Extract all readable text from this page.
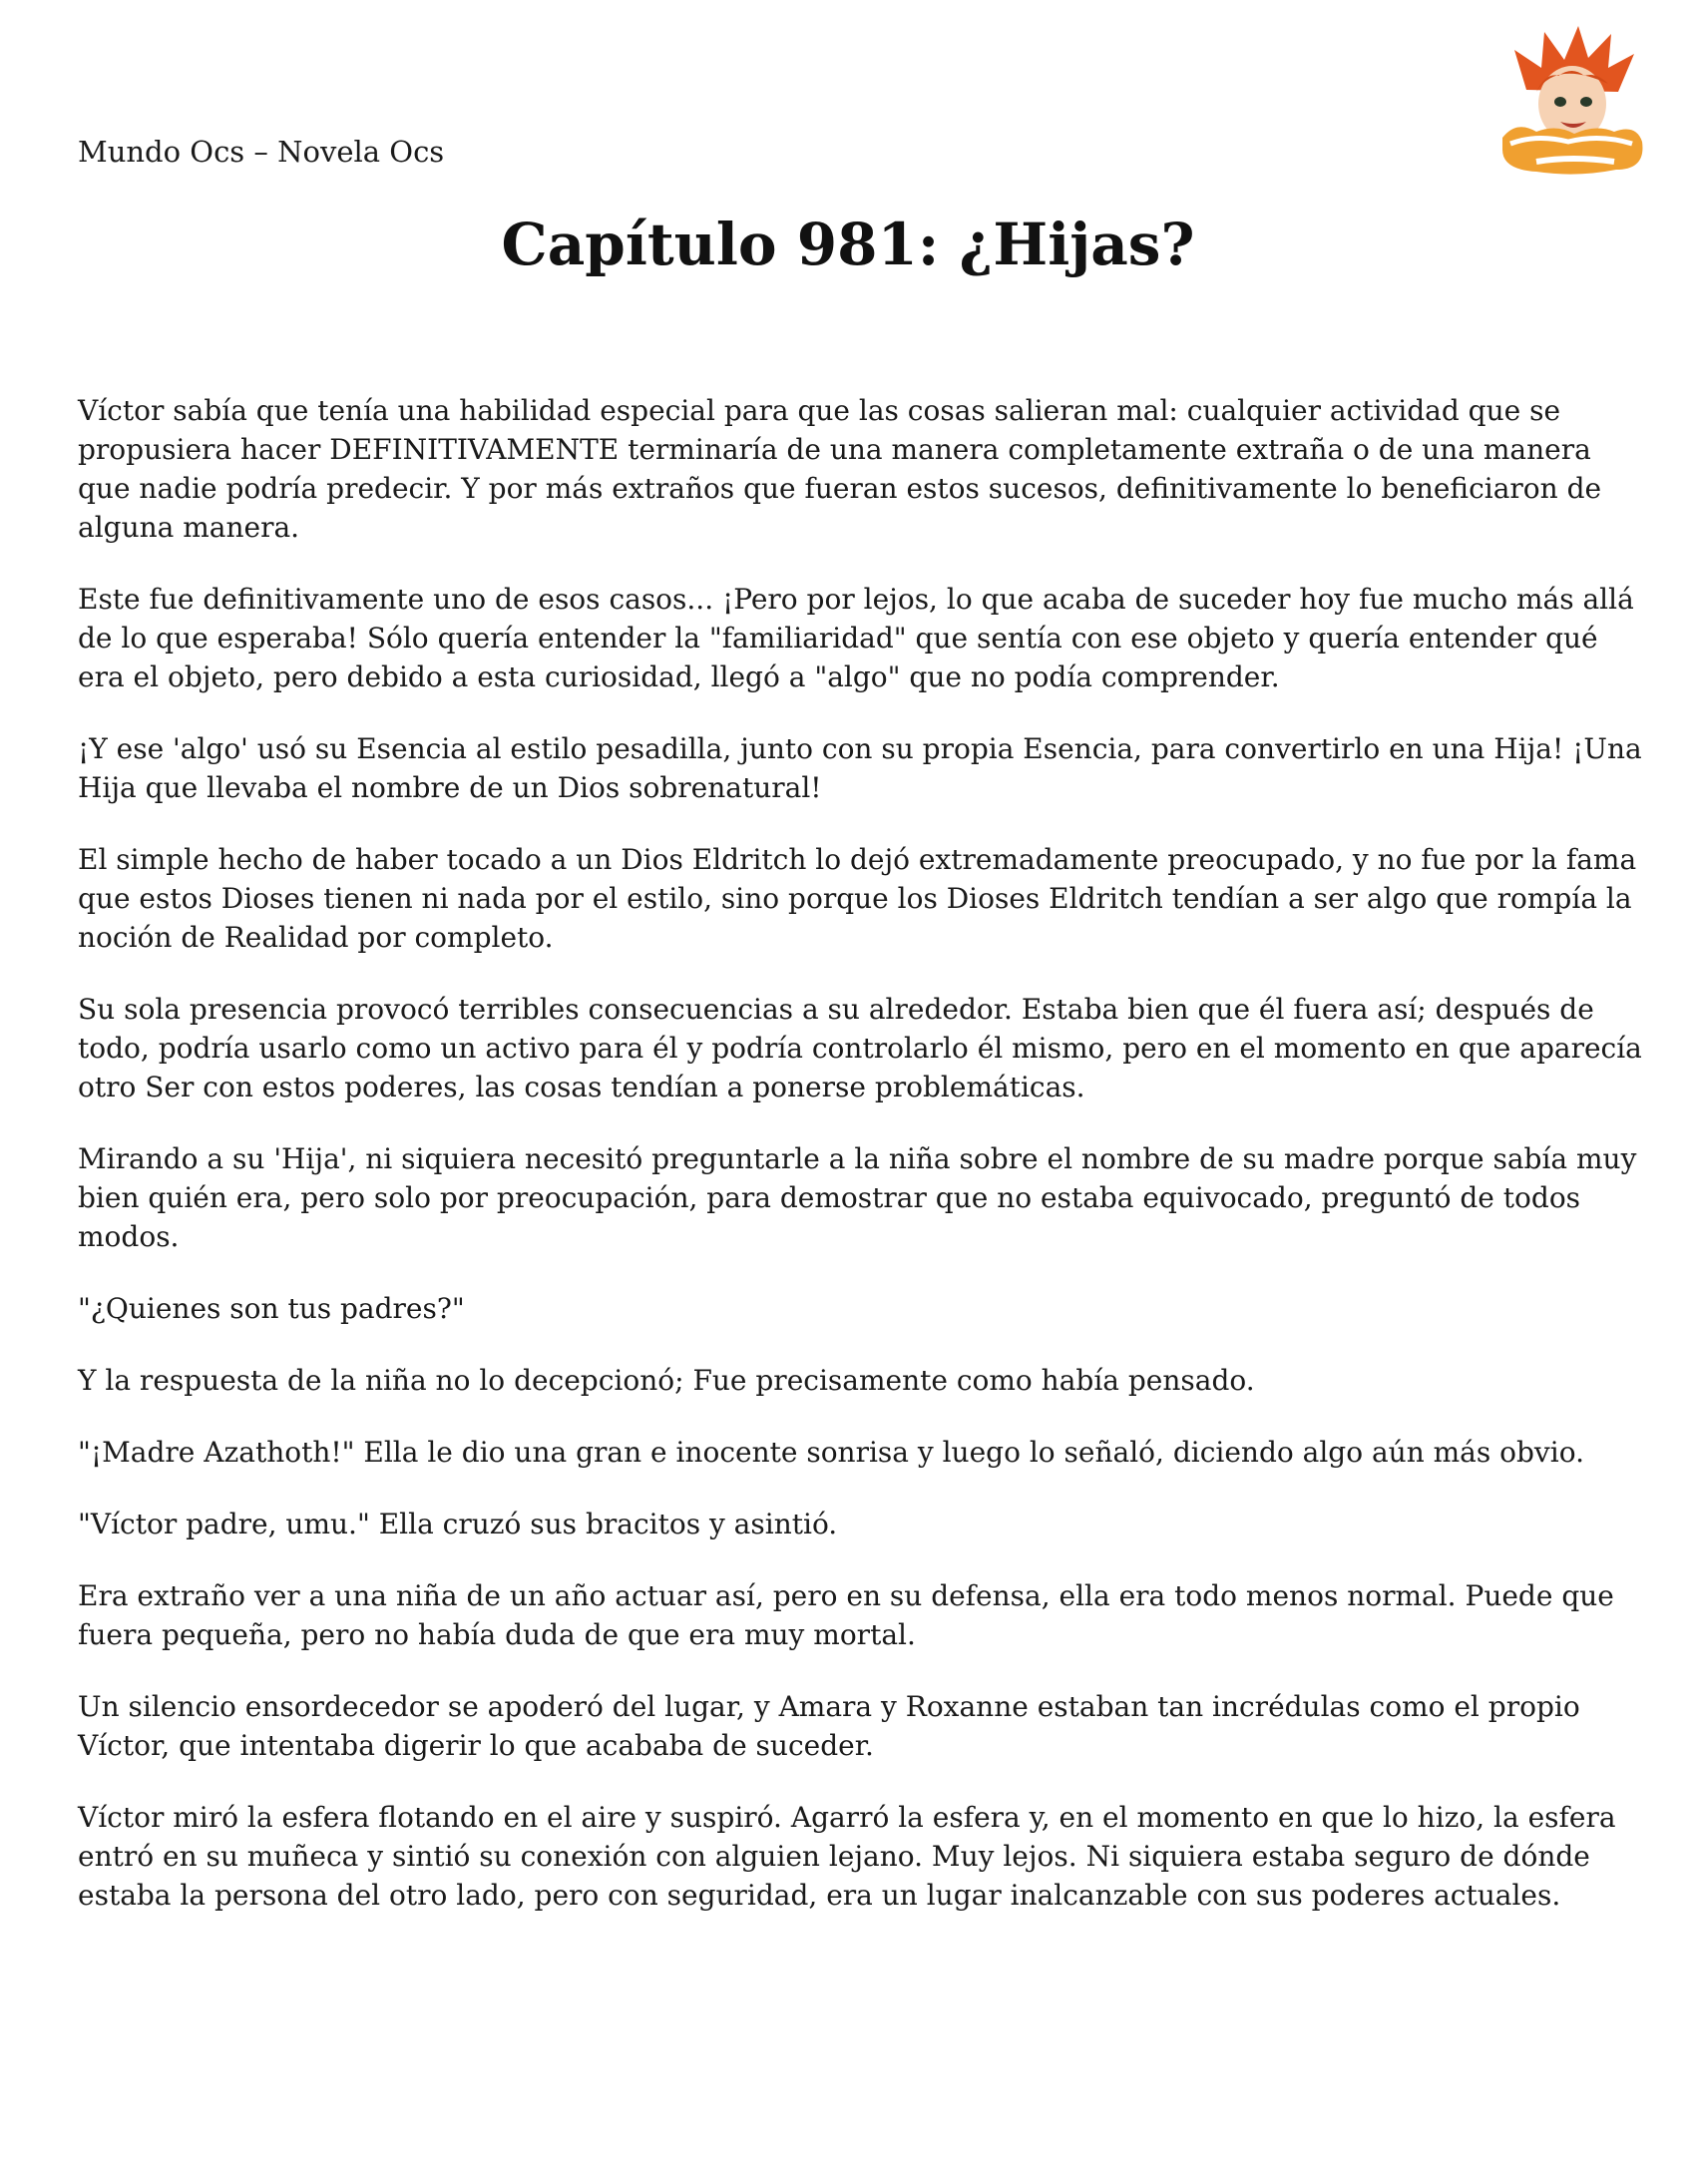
Mundo Ocs – Novela Ocs
Capítulo 981: ¿Hijas?

Víctor sabía que tenía una habilidad especial para que las cosas salieran mal: cualquier actividad que se propusiera hacer DEFINITIVAMENTE terminaría de una manera completamente extraña o de una manera que nadie podría predecir. Y por más extraños que fueran estos sucesos, definitivamente lo beneficiaron de alguna manera.

Este fue definitivamente uno de esos casos... ¡Pero por lejos, lo que acaba de suceder hoy fue mucho más allá de lo que esperaba! Sólo quería entender la "familiaridad" que sentía con ese objeto y quería entender qué era el objeto, pero debido a esta curiosidad, llegó a "algo" que no podía comprender.

¡Y ese 'algo' usó su Esencia al estilo pesadilla, junto con su propia Esencia, para convertirlo en una Hija! ¡Una Hija que llevaba el nombre de un Dios sobrenatural!

El simple hecho de haber tocado a un Dios Eldritch lo dejó extremadamente preocupado, y no fue por la fama que estos Dioses tienen ni nada por el estilo, sino porque los Dioses Eldritch tendían a ser algo que rompía la noción de Realidad por completo.

Su sola presencia provocó terribles consecuencias a su alrededor. Estaba bien que él fuera así; después de todo, podría usarlo como un activo para él y podría controlarlo él mismo, pero en el momento en que aparecía otro Ser con estos poderes, las cosas tendían a ponerse problemáticas.

Mirando a su 'Hija', ni siquiera necesitó preguntarle a la niña sobre el nombre de su madre porque sabía muy bien quién era, pero solo por preocupación, para demostrar que no estaba equivocado, preguntó de todos modos.

"¿Quienes son tus padres?"

Y la respuesta de la niña no lo decepcionó; Fue precisamente como había pensado.

"¡Madre Azathoth!" Ella le dio una gran e inocente sonrisa y luego lo señaló, diciendo algo aún más obvio.

"Víctor padre, umu." Ella cruzó sus bracitos y asintió.

Era extraño ver a una niña de un año actuar así, pero en su defensa, ella era todo menos normal. Puede que fuera pequeña, pero no había duda de que era muy mortal.

Un silencio ensordecedor se apoderó del lugar, y Amara y Roxanne estaban tan incrédulas como el propio Víctor, que intentaba digerir lo que acababa de suceder.

Víctor miró la esfera flotando en el aire y suspiró. Agarró la esfera y, en el momento en que lo hizo, la esfera entró en su muñeca y sintió su conexión con alguien lejano. Muy lejos. Ni siquiera estaba seguro de dónde estaba la persona del otro lado, pero con seguridad, era un lugar inalcanzable con sus poderes actuales.
